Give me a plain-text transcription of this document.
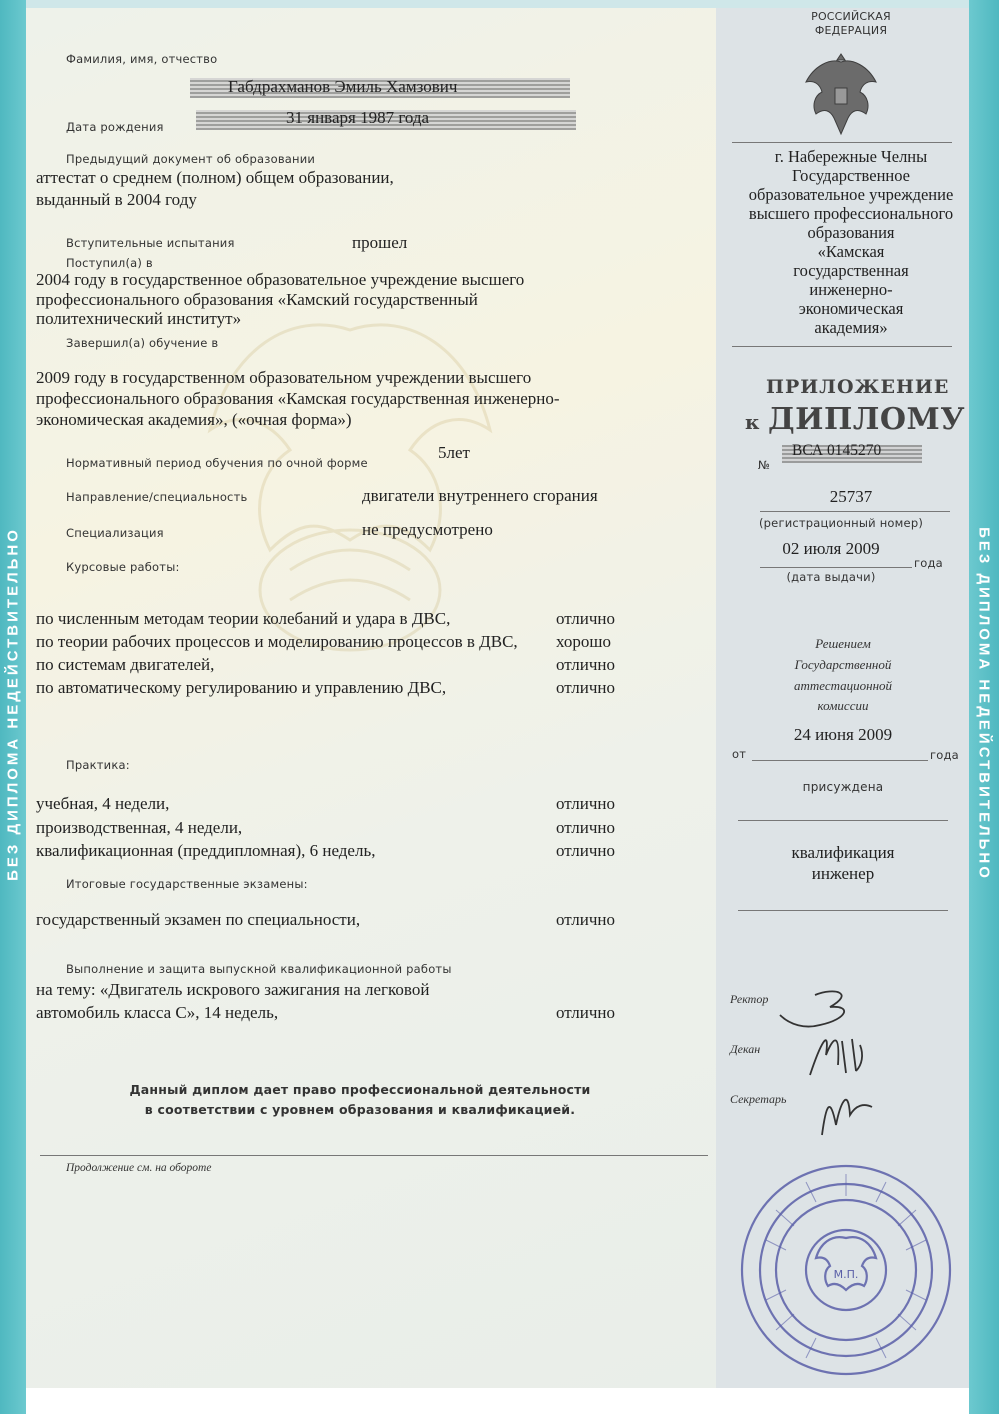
БЕЗ ДИПЛОМА НЕДЕЙСТВИТЕЛЬНО	БЕЗ ДИПЛОМА НЕДЕЙСТВИТЕЛЬНО
Фамилия, имя, отчество
Габдрахманов Эмиль Хамзович
Дата рождения	31 января 1987 года
Предыдущий документ об образовании
аттестат о среднем (полном) общем образовании,
выданный в 2004 году
Вступительные испытания	прошел
Поступил(а) в
2004 году в государственное образовательное учреждение высшего
профессионального образования «Камский государственный
политехнический институт»
Завершил(а) обучение в
2009 году в государственном образовательном учреждении высшего
профессионального образования «Камская государственная инженерно-
экономическая академия», («очная форма»)
Нормативный период обучения по очной форме
5лет
Направление/специальность	двигатели внутреннего сгорания
Специализация	не предусмотрено
Курсовые работы:
по численным методам теории колебаний и удара в ДВС,	отлично
по теории рабочих процессов и моделированию процессов в ДВС, хорошо
по системам двигателей,	отлично
по автоматическому регулированию и управлению ДВС,	отлично
Практика:
учебная, 4 недели,	отлично
производственная, 4 недели,	отлично
квалификационная (преддипломная), 6 недель,	отлично
Итоговые государственные экзамены:
государственный экзамен по специальности,	отлично
Выполнение и защита выпускной квалификационной работы
на тему: «Двигатель искрового зажигания на легковой
автомобиль класса С», 14 недель,	отлично
Данный диплом дает право профессиональной деятельности
в соответствии с уровнем образования и квалификацией.
Продолжение см. на обороте
РОССИЙСКАЯ
ФЕДЕРАЦИЯ
г. Набережные Челны
Государственное
образовательное учреждение
высшего профессионального
образования
«Камская
государственная
инженерно-
экономическая
академия»
ПРИЛОЖЕНИЕ
к ДИПЛОМУ
№
ВСА 0145270
25737
(регистрационный номер)
02 июля 2009
года
(дата выдачи)
Решением
Государственной
аттестационной
комиссии
24 июня 2009
от	года
присуждена
квалификация
инженер
Ректор
Декан
Секретарь
М.П.
